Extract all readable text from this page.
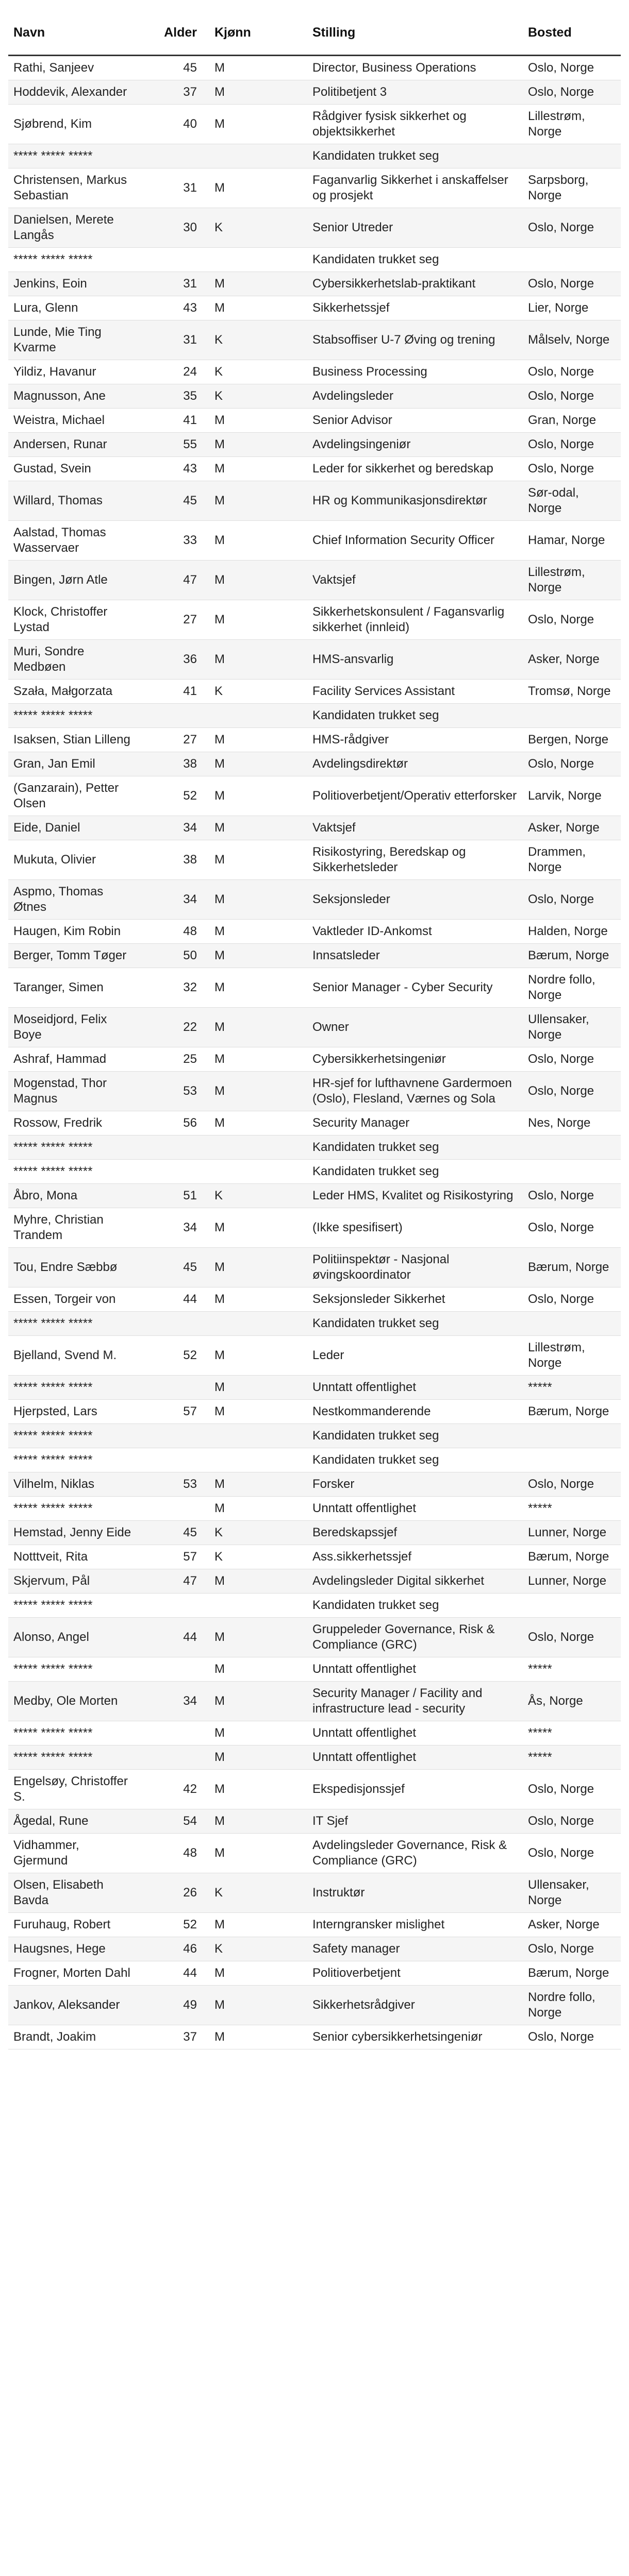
Navn	Alder	Kjønn	Stilling	Bosted
Rathi, Sanjeev	45	M	Director, Business Operations	Oslo, Norge
Hoddevik, Alexander	37	M	Politibetjent 3	Oslo, Norge
Sjøbrend, Kim	40	M	Rådgiver fysisk sikkerhet og objektsikkerhet	Lillestrøm, Norge
***** ***** *****			Kandidaten trukket seg	
Christensen, Markus Sebastian	31	M	Faganvarlig Sikkerhet i anskaffelser og prosjekt	Sarpsborg, Norge
Danielsen, Merete Langås	30	K	Senior Utreder	Oslo, Norge
***** ***** *****			Kandidaten trukket seg	
Jenkins, Eoin	31	M	Cybersikkerhetslab-praktikant	Oslo, Norge
Lura, Glenn	43	M	Sikkerhetssjef	Lier, Norge
Lunde, Mie Ting Kvarme	31	K	Stabsoffiser U-7 Øving og trening	Målselv, Norge
Yildiz, Havanur	24	K	Business Processing	Oslo, Norge
Magnusson, Ane	35	K	Avdelingsleder	Oslo, Norge
Weistra, Michael	41	M	Senior Advisor	Gran, Norge
Andersen, Runar	55	M	Avdelingsingeniør	Oslo, Norge
Gustad, Svein	43	M	Leder for sikkerhet og beredskap	Oslo, Norge
Willard, Thomas	45	M	HR og Kommunikasjonsdirektør	Sør-odal, Norge
Aalstad, Thomas Wasservaer	33	M	Chief Information Security Officer	Hamar, Norge
Bingen, Jørn Atle	47	M	Vaktsjef	Lillestrøm, Norge
Klock, Christoffer Lystad	27	M	Sikkerhetskonsulent / Fagansvarlig sikkerhet (innleid)	Oslo, Norge
Muri, Sondre Medbøen	36	M	HMS-ansvarlig	Asker, Norge
Szała, Małgorzata	41	K	Facility Services Assistant	Tromsø, Norge
***** ***** *****			Kandidaten trukket seg	
Isaksen, Stian Lilleng	27	M	HMS-rådgiver	Bergen, Norge
Gran, Jan Emil	38	M	Avdelingsdirektør	Oslo, Norge
(Ganzarain), Petter Olsen	52	M	Politioverbetjent/Operativ etterforsker	Larvik, Norge
Eide, Daniel	34	M	Vaktsjef	Asker, Norge
Mukuta, Olivier	38	M	Risikostyring, Beredskap og Sikkerhetsleder	Drammen, Norge
Aspmo, Thomas Øtnes	34	M	Seksjonsleder	Oslo, Norge
Haugen, Kim Robin	48	M	Vaktleder ID-Ankomst	Halden, Norge
Berger, Tomm Tøger	50	M	Innsatsleder	Bærum, Norge
Taranger, Simen	32	M	Senior Manager - Cyber Security	Nordre follo, Norge
Moseidjord, Felix Boye	22	M	Owner	Ullensaker, Norge
Ashraf, Hammad	25	M	Cybersikkerhetsingeniør	Oslo, Norge
Mogenstad, Thor Magnus	53	M	HR-sjef for lufthavnene Gardermoen (Oslo), Flesland, Værnes og Sola	Oslo, Norge
Rossow, Fredrik	56	M	Security Manager	Nes, Norge
***** ***** *****			Kandidaten trukket seg	
***** ***** *****			Kandidaten trukket seg	
Åbro, Mona	51	K	Leder HMS, Kvalitet og Risikostyring	Oslo, Norge
Myhre, Christian Trandem	34	M	(Ikke spesifisert)	Oslo, Norge
Tou, Endre Sæbbø	45	M	Politiinspektør - Nasjonal øvingskoordinator	Bærum, Norge
Essen, Torgeir von	44	M	Seksjonsleder Sikkerhet	Oslo, Norge
***** ***** *****			Kandidaten trukket seg	
Bjelland, Svend M.	52	M	Leder	Lillestrøm, Norge
***** ***** *****		M	Unntatt offentlighet	*****
Hjerpsted, Lars	57	M	Nestkommanderende	Bærum, Norge
***** ***** *****			Kandidaten trukket seg	
***** ***** *****			Kandidaten trukket seg	
Vilhelm, Niklas	53	M	Forsker	Oslo, Norge
***** ***** *****		M	Unntatt offentlighet	*****
Hemstad, Jenny Eide	45	K	Beredskapssjef	Lunner, Norge
Notttveit, Rita	57	K	Ass.sikkerhetssjef	Bærum, Norge
Skjervum, Pål	47	M	Avdelingsleder Digital sikkerhet	Lunner, Norge
***** ***** *****			Kandidaten trukket seg	
Alonso, Angel	44	M	Gruppeleder Governance, Risk & Compliance (GRC)	Oslo, Norge
***** ***** *****		M	Unntatt offentlighet	*****
Medby, Ole Morten	34	M	Security Manager / Facility and infrastructure lead - security	Ås, Norge
***** ***** *****		M	Unntatt offentlighet	*****
***** ***** *****		M	Unntatt offentlighet	*****
Engelsøy, Christoffer S.	42	M	Ekspedisjonssjef	Oslo, Norge
Ågedal, Rune	54	M	IT Sjef	Oslo, Norge
Vidhammer, Gjermund	48	M	Avdelingsleder Governance, Risk & Compliance (GRC)	Oslo, Norge
Olsen, Elisabeth Bavda	26	K	Instruktør	Ullensaker, Norge
Furuhaug, Robert	52	M	Interngransker mislighet	Asker, Norge
Haugsnes, Hege	46	K	Safety manager	Oslo, Norge
Frogner, Morten Dahl	44	M	Politioverbetjent	Bærum, Norge
Jankov, Aleksander	49	M	Sikkerhetsrådgiver	Nordre follo, Norge
Brandt, Joakim	37	M	Senior cybersikkerhetsingeniør	Oslo, Norge
